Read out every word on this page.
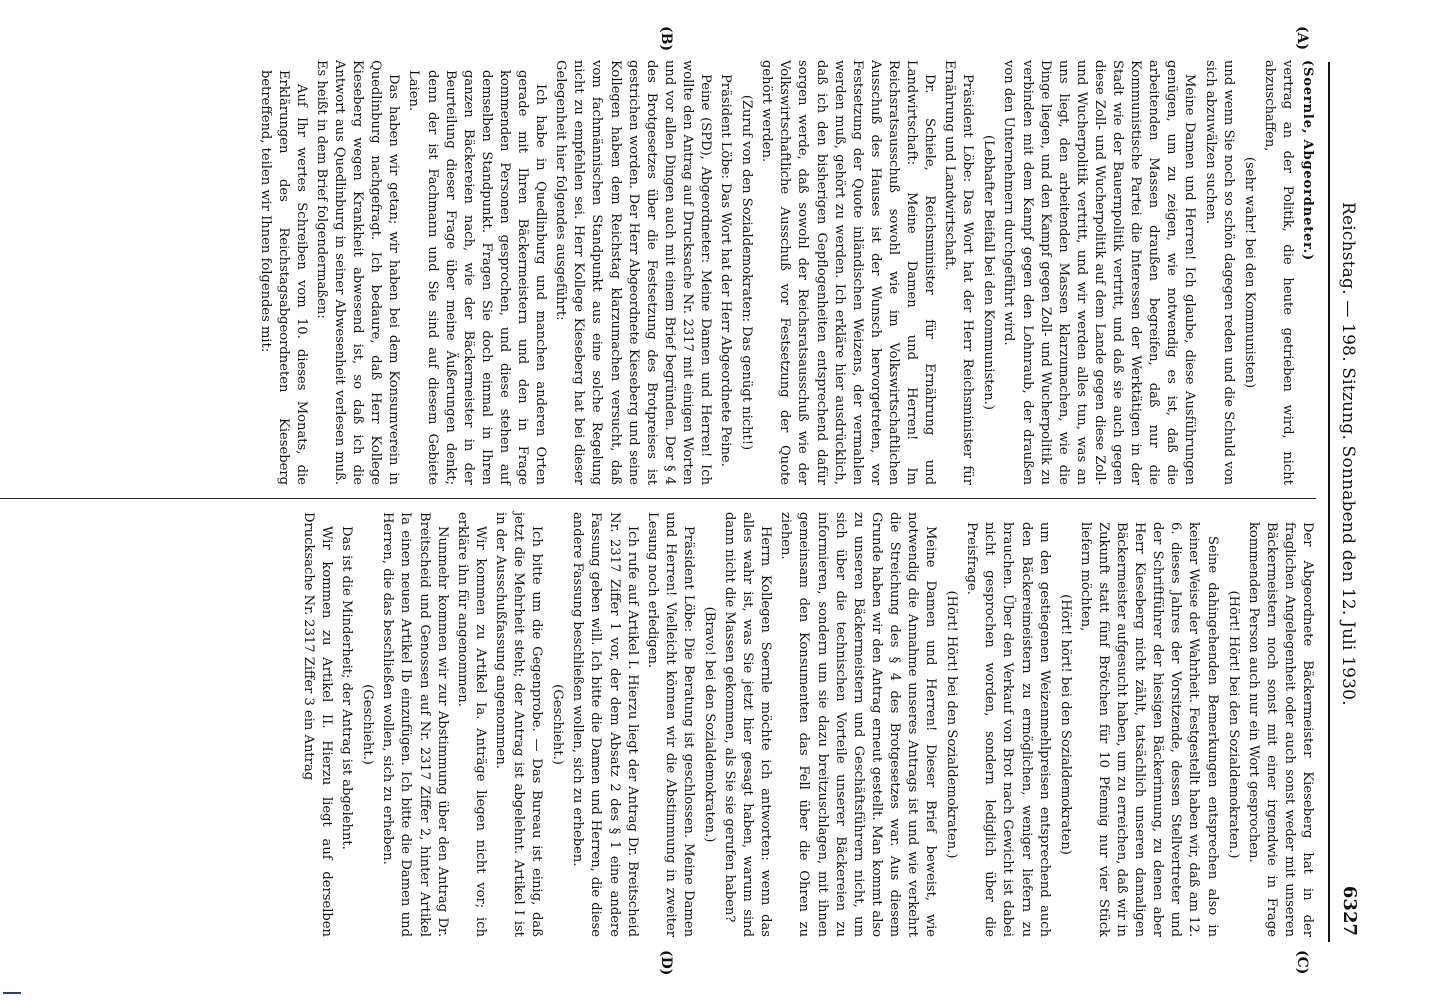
Reichstag. — 198. Sitzung. Sonnabend den 12. Juli 1930.
6327
(A)
(B)
(C)
(D)

(Soernle, Abgeordneter.)

vertrag an der Politik, die heute getrieben wird, nicht abzuschaffen,

(sehr wahr! bei den Kommunisten)

und wenn Sie noch so schön dagegen reden und die Schuld von sich abzuwälzen suchen.

Meine Damen und Herren! Ich glaube, diese Ausführungen genügen, um zu zeigen, wie notwendig es ist, daß die arbeitenden Massen draußen begreifen, daß nur die Kommunistische Partei die Interessen der Werktätigen in der Stadt wie der Bauernpolitik vertritt, und daß sie auch gegen diese Zoll- und Wucherpolitik auf dem Lande gegen diese Zoll- und Wucherpolitik vertritt, und wir werden alles tun, was an uns liegt, den arbeitenden Massen klarzumachen, wie die Dinge liegen, und den Kampf gegen Zoll- und Wucherpolitik zu verbinden mit dem Kampf gegen den Lohnraub, der draußen von den Unternehmern durchgeführt wird.

(Lebhafter Beifall bei den Kommunisten.)

Präsident Löbe: Das Wort hat der Herr Reichsminister für Ernährung und Landwirtschaft.

Dr. Schiele, Reichsminister für Ernährung und Landwirtschaft: Meine Damen und Herren! Im Reichsratsausschuß sowohl wie im Volkswirtschaftlichen Ausschuß des Hauses ist der Wunsch hervorgetreten, vor Festsetzung der Quote inländischen Weizens, der vermahlen werden muß, gehört zu werden. Ich erkläre hier ausdrücklich, daß ich den bisherigen Gepflogenheiten entsprechend dafür sorgen werde, daß sowohl der Reichsratsausschuß wie der Volkswirtschaftliche Ausschuß vor Festsetzung der Quote gehört werden.

(Zuruf von den Sozialdemokraten: Das genügt nicht!)

Präsident Löbe: Das Wort hat der Herr Abgeordnete Peine.

Peine (SPD), Abgeordneter: Meine Damen und Herren! Ich wollte den Antrag auf Drucksache Nr. 2317 mit einigen Worten und vor allen Dingen auch mit einem Brief begründen. Der § 4 des Brotgesetzes über die Festsetzung des Brotpreises ist gestrichen worden. Der Herr Abgeordnete Kieseberg und seine Kollegen haben dem Reichstag klarzumachen versucht, daß vom fachmännischen Standpunkt aus eine solche Regelung nicht zu empfehlen sei. Herr Kollege Kieseberg hat bei dieser Gelegenheit hier folgendes ausgeführt:

Ich habe in Quedlinburg und manchen anderen Orten gerade mit Ihren Bäckermeistern und den in Frage kommenden Personen gesprochen, und diese stehen auf demselben Standpunkt. Fragen Sie doch einmal in Ihren ganzen Bäckereien nach, wie der Bäckermeister in der Beurteilung dieser Frage über meine Äußerungen denkt; denn der ist Fachmann und Sie sind auf diesem Gebiete Laien.

Das haben wir getan; wir haben bei dem Konsumverein in Quedlinburg nachgefragt. Ich bedaure, daß Herr Kollege Kieseberg wegen Krankheit abwesend ist, so daß ich die Antwort aus Quedlinburg in seiner Abwesenheit verlesen muß. Es heißt in dem Brief folgendermaßen:

Auf Ihr wertes Schreiben vom 10. dieses Monats, die Erklärungen des Reichstagsabgeordneten Kieseberg betreffend, teilen wir Ihnen folgendes mit:

Der Abgeordnete Bäckermeister Kieseberg hat in der fraglichen Angelegenheit oder auch sonst weder mit unseren Bäckermeistern noch sonst mit einer irgendwie in Frage kommenden Person auch nur ein Wort gesprochen.

(Hört! Hört! bei den Sozialdemokraten.)

Seine dahingehenden Bemerkungen entsprechen also in keiner Weise der Wahrheit. Festgestellt haben wir, daß am 12. 6. dieses Jahres der Vorsitzende, dessen Stellvertreter und der Schriftführer der hiesigen Bäckerinnung, zu denen aber Herr Kieseberg nicht zählt, tatsächlich unseren damaligen Bäckermeister aufgesucht haben, um zu erreichen, daß wir in Zukunft statt fünf Brötchen für 10 Pfennig nur vier Stück liefern möchten,

(Hört! hört! bei den Sozialdemokraten)

um den gestiegenen Weizenmehlpreisen entsprechend auch den Bäckereimeistern zu ermöglichen, weniger liefern zu brauchen. Über den Verkauf von Brot nach Gewicht ist dabei nicht gesprochen worden, sondern lediglich über die Preisfrage.

(Hört! Hört! bei den Sozialdemokraten.)

Meine Damen und Herren! Dieser Brief beweist, wie notwendig die Annahme unseres Antrags ist und wie verkehrt die Streichung des § 4 des Brotgesetzes war. Aus diesem Grunde haben wir den Antrag erneut gestellt. Man kommt also zu unseren Bäckermeistern und Geschäftsführern nicht, um sich über die technischen Vorteile unserer Bäckereien zu informieren, sondern um sie dazu breitzuschlagen, mit ihnen gemeinsam den Konsumenten das Fell über die Ohren zu ziehen.

Herrn Kollegen Soernle möchte ich antworten: wenn das alles wahr ist, was Sie jetzt hier gesagt haben, warum sind dann nicht die Massen gekommen, als Sie sie gerufen haben?

(Bravo! bei den Sozialdemokraten.)

Präsident Löbe: Die Beratung ist geschlossen. Meine Damen und Herren! Vielleicht können wir die Abstimmung in zweiter Lesung noch erledigen.

Ich rufe auf Artikel I. Hierzu liegt der Antrag Dr. Breitscheid Nr. 2317 Ziffer 1 vor, der dem Absatz 2 des § 1 eine andere Fassung geben will. Ich bitte die Damen und Herren, die diese andere Fassung beschließen wollen, sich zu erheben.

(Geschieht.)

Ich bitte um die Gegenprobe. — Das Bureau ist einig, daß jetzt die Mehrheit steht; der Antrag ist abgelehnt. Artikel I ist in der Ausschußfassung angenommen.

Wir kommen zu Artikel Ia. Anträge liegen nicht vor; ich erkläre ihn für angenommen.

Nunmehr kommen wir zur Abstimmung über den Antrag Dr. Breitscheid und Genossen auf Nr. 2317 Ziffer 2, hinter Artikel Ia einen neuen Artikel Ib einzufügen. Ich bitte die Damen und Herren, die das beschließen wollen, sich zu erheben.

(Geschieht.)

Das ist die Minderheit; der Antrag ist abgelehnt.

Wir kommen zu Artikel II. Hierzu liegt auf derselben Drucksache Nr. 2317 Ziffer 3 ein Antrag
